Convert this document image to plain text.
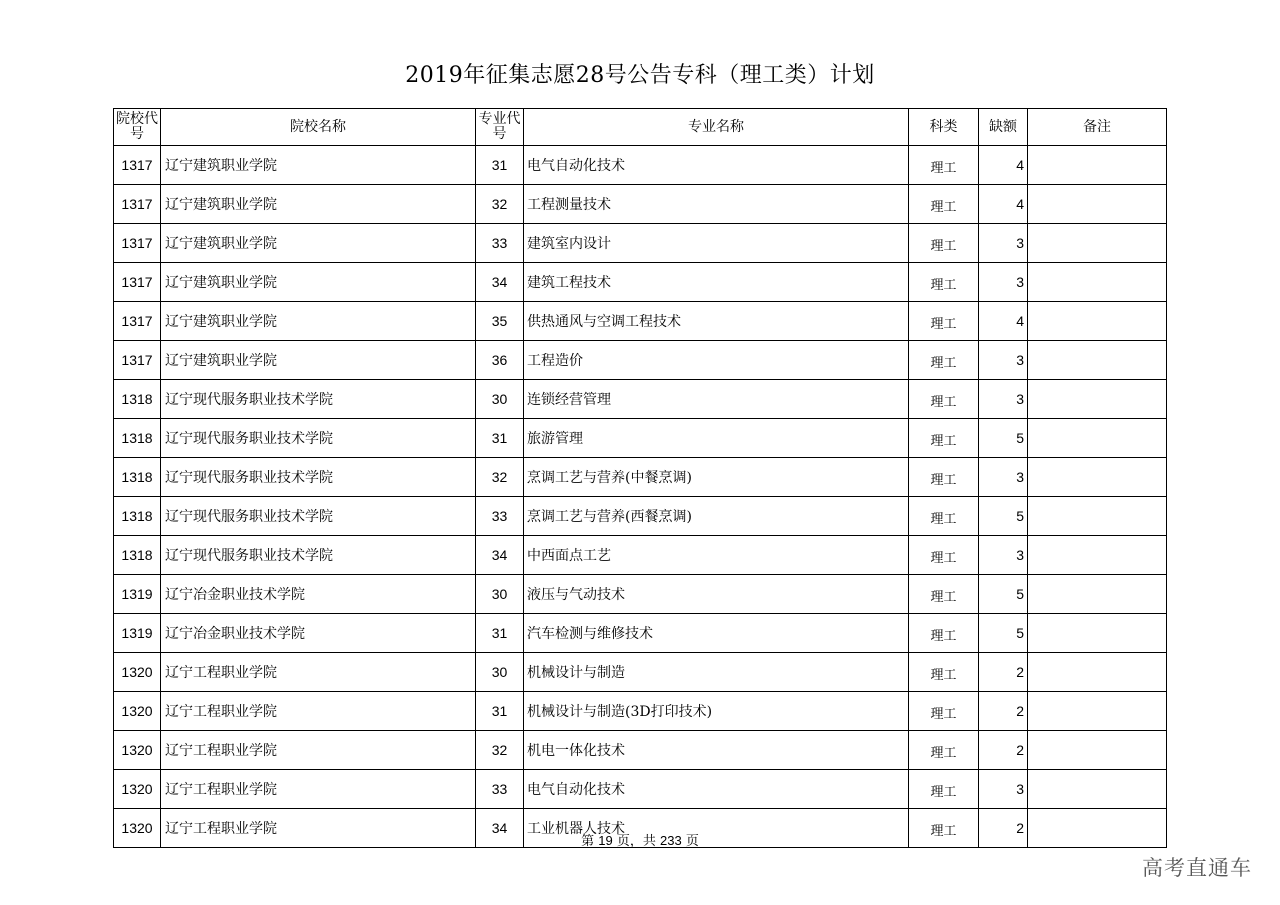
2019年征集志愿28号公告专科（理工类）计划
院校代号	院校名称	专业代号	专业名称	科类	缺额	备注
1317	辽宁建筑职业学院	31	电气自动化技术	理工	4	
1317	辽宁建筑职业学院	32	工程测量技术	理工	4	
1317	辽宁建筑职业学院	33	建筑室内设计	理工	3	
1317	辽宁建筑职业学院	34	建筑工程技术	理工	3	
1317	辽宁建筑职业学院	35	供热通风与空调工程技术	理工	4	
1317	辽宁建筑职业学院	36	工程造价	理工	3	
1318	辽宁现代服务职业技术学院	30	连锁经营管理	理工	3	
1318	辽宁现代服务职业技术学院	31	旅游管理	理工	5	
1318	辽宁现代服务职业技术学院	32	烹调工艺与营养(中餐烹调)	理工	3	
1318	辽宁现代服务职业技术学院	33	烹调工艺与营养(西餐烹调)	理工	5	
1318	辽宁现代服务职业技术学院	34	中西面点工艺	理工	3	
1319	辽宁冶金职业技术学院	30	液压与气动技术	理工	5	
1319	辽宁冶金职业技术学院	31	汽车检测与维修技术	理工	5	
1320	辽宁工程职业学院	30	机械设计与制造	理工	2	
1320	辽宁工程职业学院	31	机械设计与制造(3D打印技术)	理工	2	
1320	辽宁工程职业学院	32	机电一体化技术	理工	2	
1320	辽宁工程职业学院	33	电气自动化技术	理工	3	
1320	辽宁工程职业学院	34	工业机器人技术	理工	2	
第 19 页，共 233 页
高考直通车
